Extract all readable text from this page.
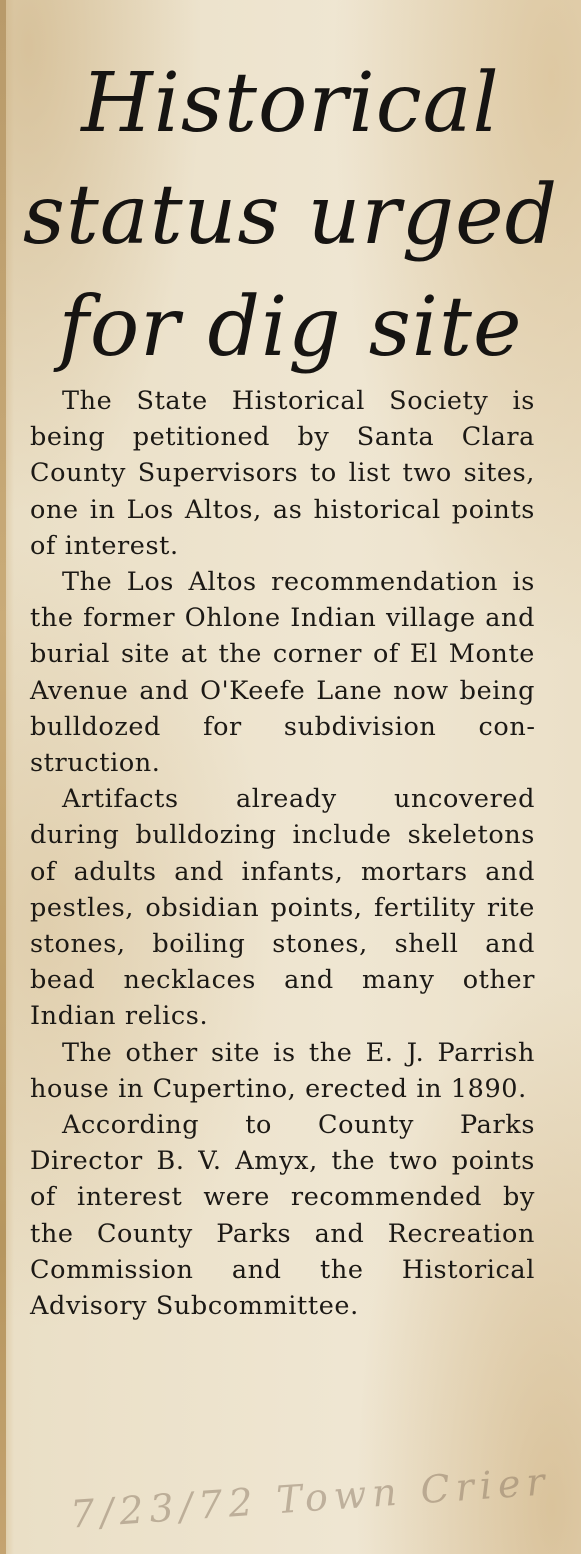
Historical
status urged
for dig site

The State Historical Society is being petitioned by Santa Clara County Supervisors to list two sites, one in Los Altos, as historical points of interest.

The Los Altos recommendation is the former Ohlone Indian village and burial site at the corner of El Monte Avenue and O'Keefe Lane now being bulldozed for subdivision construction.

Artifacts already uncovered during bulldozing include skeletons of adults and infants, mortars and pestles, obsidian points, fertility rite stones, boiling stones, shell and bead necklaces and many other Indian relics.

The other site is the E. J. Parrish house in Cupertino, erected in 1890.

According to County Parks Director B. V. Amyx, the two points of interest were recommended by the County Parks and Recreation Commission and the Historical Advisory Subcommittee.

7/23/72 Town Crier
